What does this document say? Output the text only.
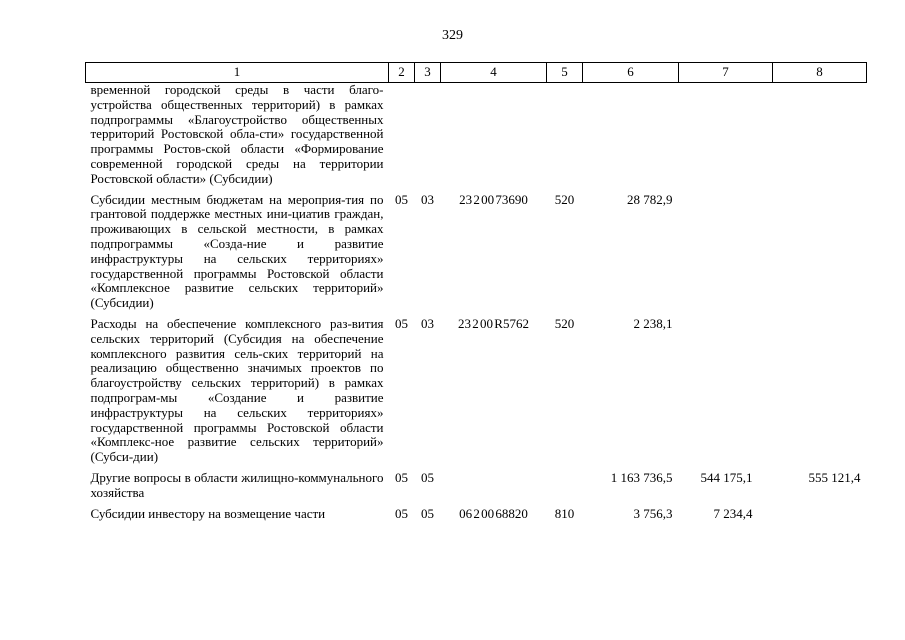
329
1	2	3	4	5	6	7	8
временной городской среды в части благо-устройства общественных территорий) в рамках подпрограммы «Благоустройство общественных территорий Ростовской обла-сти» государственной программы Ростов-ской области «Формирование современной городской среды на территории Ростовской области» (Субсидии)							
Субсидии местным бюджетам на мероприя-тия по грантовой поддержке местных ини-циатив граждан, проживающих в сельской местности, в рамках подпрограммы «Созда-ние и развитие инфраструктуры на сельских территориях» государственной программы Ростовской области «Комплексное развитие сельских территорий» (Субсидии)	05	03	23 2 00 73690	520	28 782,9		
Расходы на обеспечение комплексного раз-вития сельских территорий (Субсидия на обеспечение комплексного развития сель-ских территорий на реализацию общественно значимых проектов по благоустройству сельских территорий) в рамках подпрограм-мы «Создание и развитие инфраструктуры на сельских территориях» государственной программы Ростовской области «Комплекс-ное развитие сельских территорий» (Субси-дии)	05	03	23 2 00 R5762	520	2 238,1		
Другие вопросы в области жилищно-коммунального хозяйства	05	05			1 163 736,5	544 175,1	555 121,4
Субсидии инвестору на возмещение части	05	05	06 2 00 68820	810	3 756,3	7 234,4	
